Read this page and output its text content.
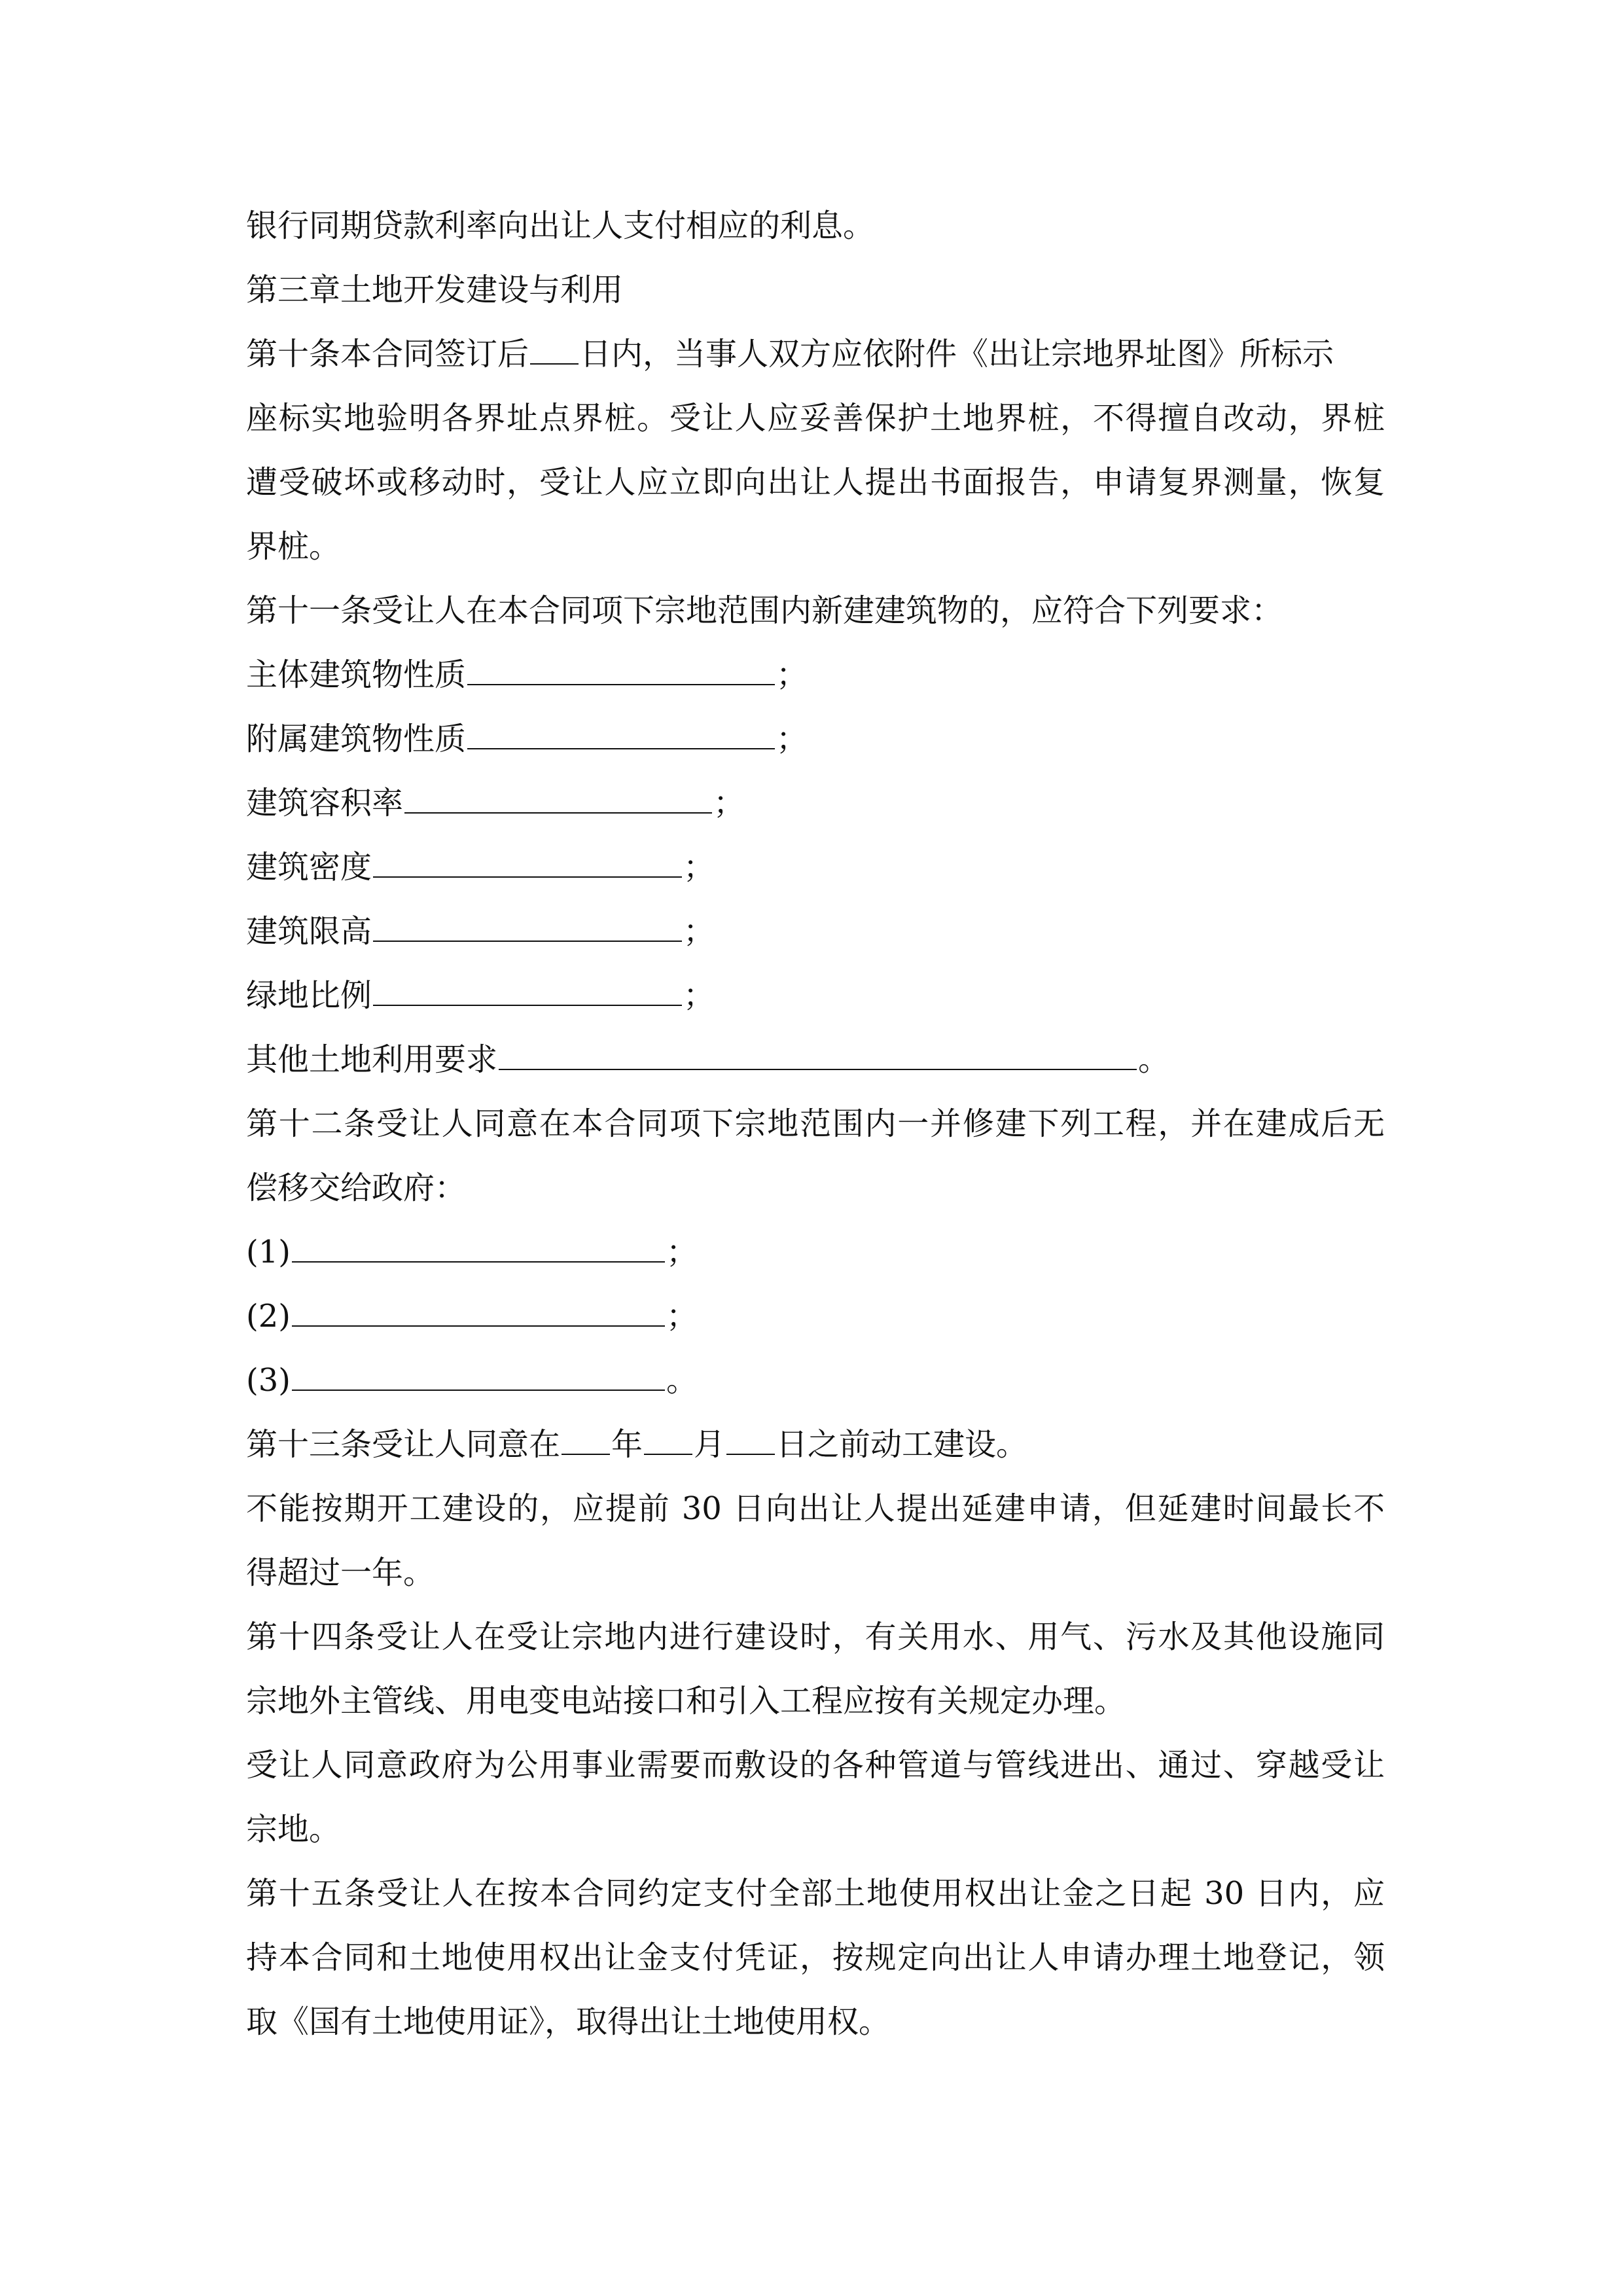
银行同期贷款利率向出让人支付相应的利息。
第三章土地开发建设与利用
第十条本合同签订后 日内，当事人双方应依附件《出让宗地界址图》所标示
座标实地验明各界址点界桩。受让人应妥善保护土地界桩，不得擅自改动，界桩
遭受破坏或移动时，受让人应立即向出让人提出书面报告，申请复界测量，恢复
界桩。
第十一条受让人在本合同项下宗地范围内新建建筑物的，应符合下列要求：
主体建筑物性质	；
附属建筑物性质	；
建筑容积率	；
建筑密度	；
建筑限高	；
绿地比例	；
其他土地利用要求	。
第十二条受让人同意在本合同项下宗地范围内一并修建下列工程，并在建成后无
偿移交给政府：
(1)	；
(2)	；
(3)	。
第十三条受让人同意在 年 月 日之前动工建设。
不能按期开工建设的，应提前 30 日向出让人提出延建申请，但延建时间最长不
得超过一年。
第十四条受让人在受让宗地内进行建设时，有关用水、用气、污水及其他设施同
宗地外主管线、用电变电站接口和引入工程应按有关规定办理。
受让人同意政府为公用事业需要而敷设的各种管道与管线进出、通过、穿越受让
宗地。
第十五条受让人在按本合同约定支付全部土地使用权出让金之日起 30 日内，应
持本合同和土地使用权出让金支付凭证，按规定向出让人申请办理土地登记，领
取《国有土地使用证》，取得出让土地使用权。
